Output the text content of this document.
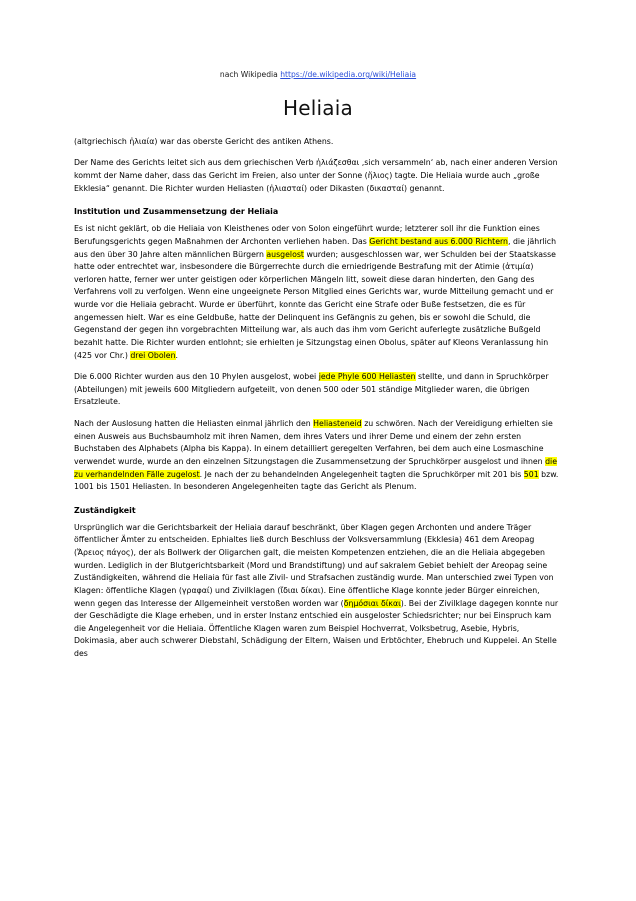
nach Wikipedia https://de.wikipedia.org/wiki/Heliaia
Heliaia

(altgriechisch ἡλιαία) war das oberste Gericht des antiken Athens.

Der Name des Gerichts leitet sich aus dem griechischen Verb ἡλιάζεσθαι ‚sich versammeln‘ ab, nach einer anderen Version kommt der Name daher, dass das Gericht im Freien, also unter der Sonne (ἥλιος) tagte. Die Heliaia wurde auch „große Ekklesia“ genannt. Die Richter wurden Heliasten (ἡλιασταί) oder Dikasten (δικασταί) genannt.

Institution und Zusammensetzung der Heliaia

Es ist nicht geklärt, ob die Heliaia von Kleisthenes oder von Solon eingeführt wurde; letzterer soll ihr die Funktion eines Berufungsgerichts gegen Maßnahmen der Archonten verliehen haben. Das Gericht bestand aus 6.000 Richtern, die jährlich aus den über 30 Jahre alten männlichen Bürgern ausgelost wurden; ausgeschlossen war, wer Schulden bei der Staatskasse hatte oder entrechtet war, insbesondere die Bürgerrechte durch die erniedrigende Bestrafung mit der Atimie (ἀτιμία) verloren hatte, ferner wer unter geistigen oder körperlichen Mängeln litt, soweit diese daran hinderten, den Gang des Verfahrens voll zu verfolgen. Wenn eine ungeeignete Person Mitglied eines Gerichts war, wurde Mitteilung gemacht und er wurde vor die Heliaia gebracht. Wurde er überführt, konnte das Gericht eine Strafe oder Buße festsetzen, die es für angemessen hielt. War es eine Geldbuße, hatte der Delinquent ins Gefängnis zu gehen, bis er sowohl die Schuld, die Gegenstand der gegen ihn vorgebrachten Mitteilung war, als auch das ihm vom Gericht auferlegte zusätzliche Bußgeld bezahlt hatte. Die Richter wurden entlohnt; sie erhielten je Sitzungstag einen Obolus, später auf Kleons Veranlassung hin (425 vor Chr.) drei Obolen.

Die 6.000 Richter wurden aus den 10 Phylen ausgelost, wobei jede Phyle 600 Heliasten stellte, und dann in Spruchkörper (Abteilungen) mit jeweils 600 Mitgliedern aufgeteilt, von denen 500 oder 501 ständige Mitglieder waren, die übrigen Ersatzleute.

Nach der Auslosung hatten die Heliasten einmal jährlich den Heliasteneid zu schwören. Nach der Vereidigung erhielten sie einen Ausweis aus Buchsbaumholz mit ihren Namen, dem ihres Vaters und ihrer Deme und einem der zehn ersten Buchstaben des Alphabets (Alpha bis Kappa). In einem detailliert geregelten Verfahren, bei dem auch eine Losmaschine verwendet wurde, wurde an den einzelnen Sitzungstagen die Zusammensetzung der Spruchkörper ausgelost und ihnen die zu verhandelnden Fälle zugelost. Je nach der zu behandelnden Angelegenheit tagten die Spruchkörper mit 201 bis 501 bzw. 1001 bis 1501 Heliasten. In besonderen Angelegenheiten tagte das Gericht als Plenum.

Zuständigkeit

Ursprünglich war die Gerichtsbarkeit der Heliaia darauf beschränkt, über Klagen gegen Archonten und andere Träger öffentlicher Ämter zu entscheiden. Ephialtes ließ durch Beschluss der Volksversammlung (Ekklesia) 461 dem Areopag (Ἄρειος πάγος), der als Bollwerk der Oligarchen galt, die meisten Kompetenzen entziehen, die an die Heliaia abgegeben wurden. Lediglich in der Blutgerichtsbarkeit (Mord und Brandstiftung) und auf sakralem Gebiet behielt der Areopag seine Zuständigkeiten, während die Heliaia für fast alle Zivil- und Strafsachen zuständig wurde. Man unterschied zwei Typen von Klagen: öffentliche Klagen (γραφαί) und Zivilklagen (ἴδιαι δίκαι). Eine öffentliche Klage konnte jeder Bürger einreichen, wenn gegen das Interesse der Allgemeinheit verstoßen worden war (δημόσιαι δίκαι). Bei der Zivilklage dagegen konnte nur der Geschädigte die Klage erheben, und in erster Instanz entschied ein ausgeloster Schiedsrichter; nur bei Einspruch kam die Angelegenheit vor die Heliaia. Öffentliche Klagen waren zum Beispiel Hochverrat, Volksbetrug, Asebie, Hybris, Dokimasia, aber auch schwerer Diebstahl, Schädigung der Eltern, Waisen und Erbtöchter, Ehebruch und Kuppelei. An Stelle des
